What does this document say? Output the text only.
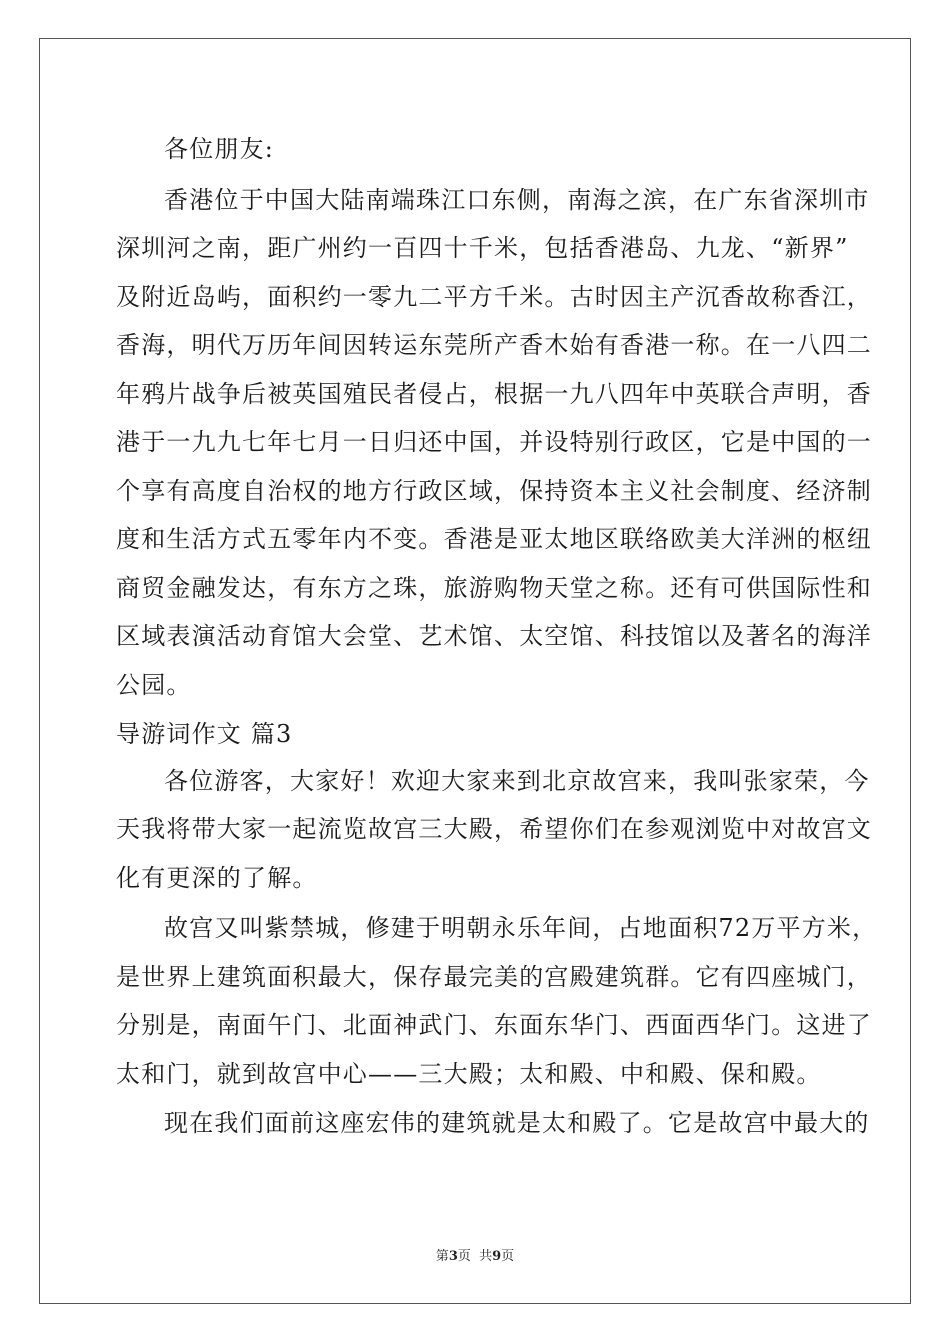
各位朋友:
香港位于中国大陆南端珠江口东侧，南海之滨，在广东省深圳市
深圳河之南，距广州约一百四十千米，包括香港岛、九龙、“新界”
及附近岛屿，面积约一零九二平方千米。古时因主产沉香故称香江，
香海，明代万历年间因转运东莞所产香木始有香港一称。在一八四二
年鸦片战争后被英国殖民者侵占，根据一九八四年中英联合声明，香
港于一九九七年七月一日归还中国，并设特别行政区，它是中国的一
个享有高度自治权的地方行政区域，保持资本主义社会制度、经济制
度和生活方式五零年内不变。香港是亚太地区联络欧美大洋洲的枢纽
商贸金融发达，有东方之珠，旅游购物天堂之称。还有可供国际性和
区域表演活动育馆大会堂、艺术馆、太空馆、科技馆以及著名的海洋
公园。
导游词作文 篇3
各位游客，大家好！欢迎大家来到北京故宫来，我叫张家荣，今
天我将带大家一起流览故宫三大殿，希望你们在参观浏览中对故宫文
化有更深的了解。
故宫又叫紫禁城，修建于明朝永乐年间，占地面积72万平方米，
是世界上建筑面积最大，保存最完美的宫殿建筑群。它有四座城门，
分别是，南面午门、北面神武门、东面东华门、西面西华门。这进了
太和门，就到故宫中心——三大殿；太和殿、中和殿、保和殿。
现在我们面前这座宏伟的建筑就是太和殿了。它是故宫中最大的
第3页  共9页
